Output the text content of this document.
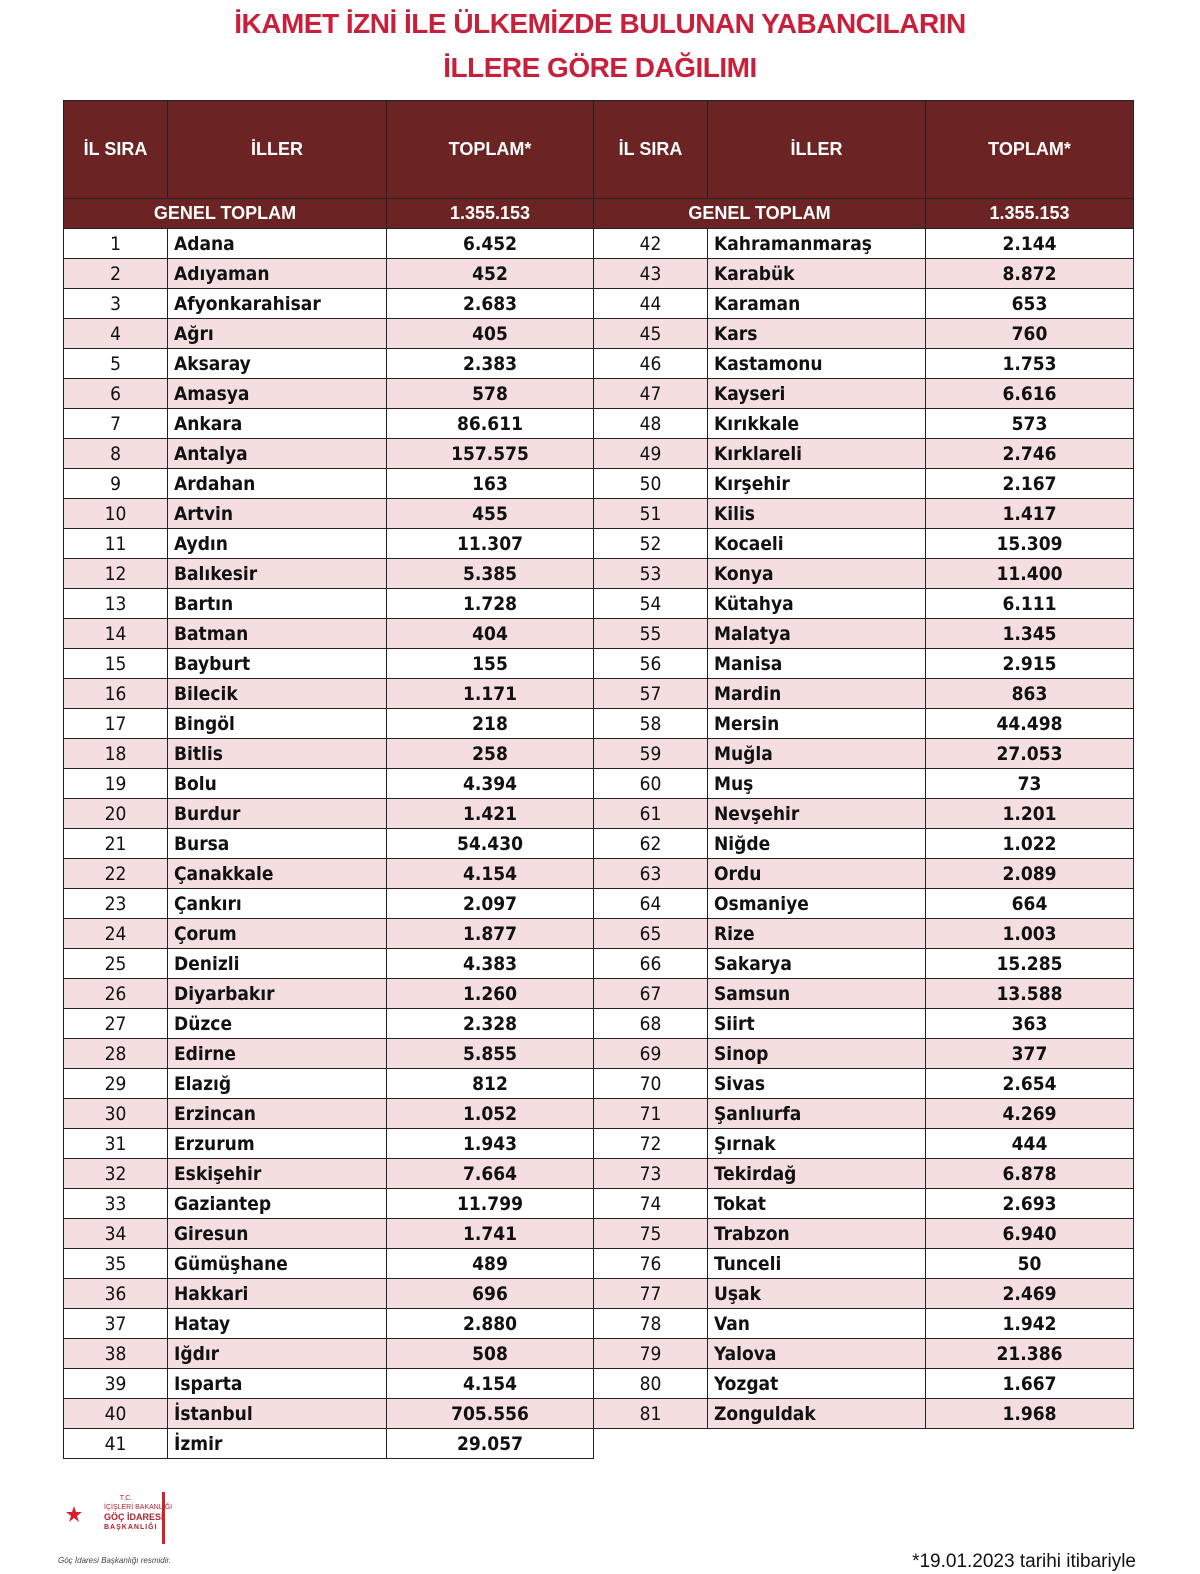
İKAMET İZNİ İLE ÜLKEMİZDE BULUNAN YABANCILARIN
İLLERE GÖRE DAĞILIMI
İL SIRA	İLLER	TOPLAM*
GENEL TOPLAM		1.355.153
1	Adana	6.452
2	Adıyaman	452
3	Afyonkarahisar	2.683
4	Ağrı	405
5	Aksaray	2.383
6	Amasya	578
7	Ankara	86.611
8	Antalya	157.575
9	Ardahan	163
10	Artvin	455
11	Aydın	11.307
12	Balıkesir	5.385
13	Bartın	1.728
14	Batman	404
15	Bayburt	155
16	Bilecik	1.171
17	Bingöl	218
18	Bitlis	258
19	Bolu	4.394
20	Burdur	1.421
21	Bursa	54.430
22	Çanakkale	4.154
23	Çankırı	2.097
24	Çorum	1.877
25	Denizli	4.383
26	Diyarbakır	1.260
27	Düzce	2.328
28	Edirne	5.855
29	Elazığ	812
30	Erzincan	1.052
31	Erzurum	1.943
32	Eskişehir	7.664
33	Gaziantep	11.799
34	Giresun	1.741
35	Gümüşhane	489
36	Hakkari	696
37	Hatay	2.880
38	Iğdır	508
39	Isparta	4.154
40	İstanbul	705.556
41	İzmir	29.057
İL SIRA	İLLER	TOPLAM*
GENEL TOPLAM		1.355.153
42	Kahramanmaraş	2.144
43	Karabük	8.872
44	Karaman	653
45	Kars	760
46	Kastamonu	1.753
47	Kayseri	6.616
48	Kırıkkale	573
49	Kırklareli	2.746
50	Kırşehir	2.167
51	Kilis	1.417
52	Kocaeli	15.309
53	Konya	11.400
54	Kütahya	6.111
55	Malatya	1.345
56	Manisa	2.915
57	Mardin	863
58	Mersin	44.498
59	Muğla	27.053
60	Muş	73
61	Nevşehir	1.201
62	Niğde	1.022
63	Ordu	2.089
64	Osmaniye	664
65	Rize	1.003
66	Sakarya	15.285
67	Samsun	13.588
68	Siirt	363
69	Sinop	377
70	Sivas	2.654
71	Şanlıurfa	4.269
72	Şırnak	444
73	Tekirdağ	6.878
74	Tokat	2.693
75	Trabzon	6.940
76	Tunceli	50
77	Uşak	2.469
78	Van	1.942
79	Yalova	21.386
80	Yozgat	1.667
81	Zonguldak	1.968
T.C.
İÇİŞLERİ BAKANLIĞI
GÖÇ İDARESİ
BAŞKANLIĞI
Göç İdaresi Başkanlığı resmidir.	*19.01.2023 tarihi itibariyle
